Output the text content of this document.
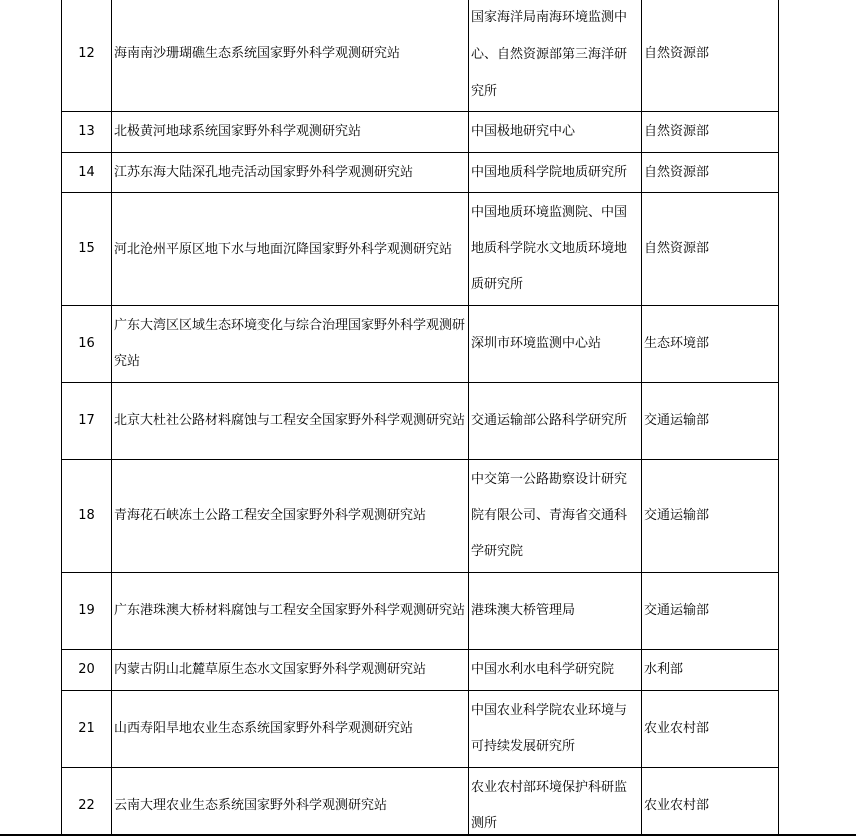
12	海南南沙珊瑚礁生态系统国家野外科学观测研究站	国家海洋局南海环境监测中心、自然资源部第三海洋研究所	自然资源部
13	北极黄河地球系统国家野外科学观测研究站	中国极地研究中心	自然资源部
14	江苏东海大陆深孔地壳活动国家野外科学观测研究站	中国地质科学院地质研究所	自然资源部
15	河北沧州平原区地下水与地面沉降国家野外科学观测研究站	中国地质环境监测院、中国地质科学院水文地质环境地质研究所	自然资源部
16	广东大湾区区域生态环境变化与综合治理国家野外科学观测研究站	深圳市环境监测中心站	生态环境部
17	北京大杜社公路材料腐蚀与工程安全国家野外科学观测研究站	交通运输部公路科学研究所	交通运输部
18	青海花石峡冻土公路工程安全国家野外科学观测研究站	中交第一公路勘察设计研究院有限公司、青海省交通科学研究院	交通运输部
19	广东港珠澳大桥材料腐蚀与工程安全国家野外科学观测研究站	港珠澳大桥管理局	交通运输部
20	内蒙古阴山北麓草原生态水文国家野外科学观测研究站	中国水利水电科学研究院	水利部
21	山西寿阳旱地农业生态系统国家野外科学观测研究站	中国农业科学院农业环境与可持续发展研究所	农业农村部
22	云南大理农业生态系统国家野外科学观测研究站	农业农村部环境保护科研监测所	农业农村部
